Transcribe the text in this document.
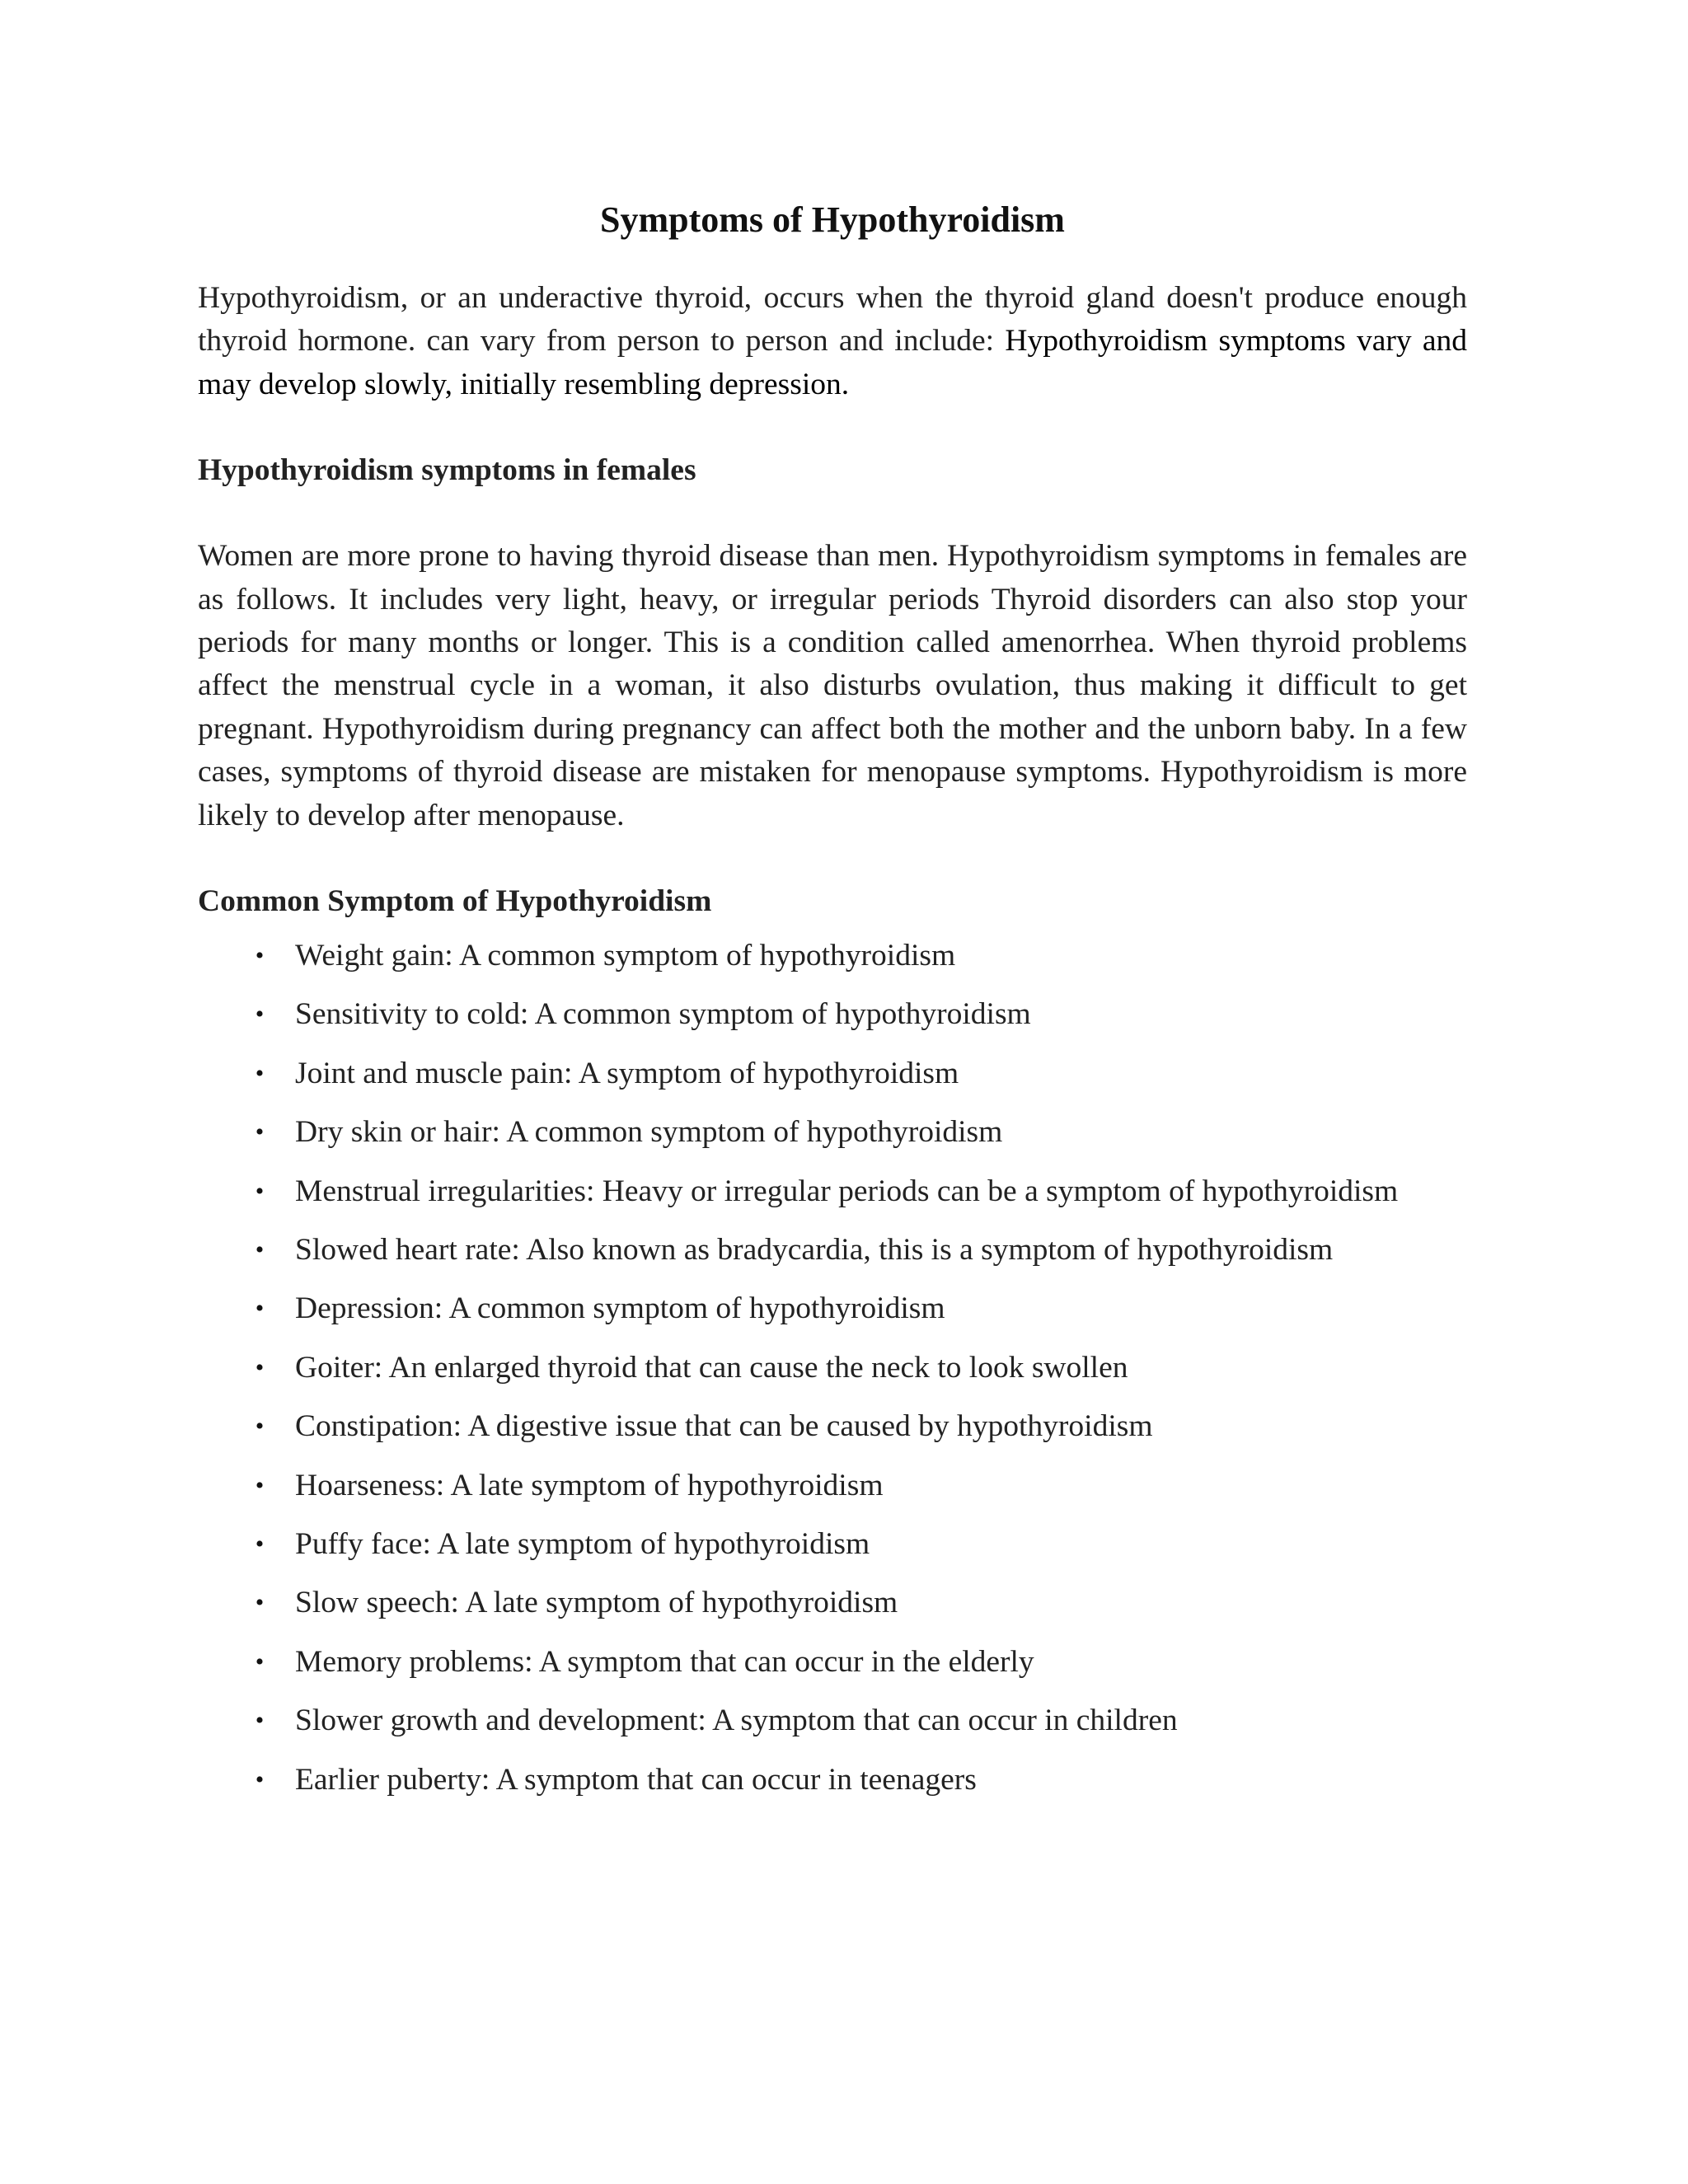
Symptoms of Hypothyroidism

Hypothyroidism, or an underactive thyroid, occurs when the thyroid gland doesn't produce enough thyroid hormone. can vary from person to person and include: Hypothyroidism symptoms vary and may develop slowly, initially resembling depression.

Hypothyroidism symptoms in females

Women are more prone to having thyroid disease than men. Hypothyroidism symptoms in females are as follows. It includes very light, heavy, or irregular periods Thyroid disorders can also stop your periods for many months or longer. This is a condition called amenorrhea. When thyroid problems affect the menstrual cycle in a woman, it also disturbs ovulation, thus making it difficult to get pregnant. Hypothyroidism during pregnancy can affect both the mother and the unborn baby. In a few cases, symptoms of thyroid disease are mistaken for menopause symptoms. Hypothyroidism is more likely to develop after menopause.

Common Symptom of Hypothyroidism
• Weight gain: A common symptom of hypothyroidism
• Sensitivity to cold: A common symptom of hypothyroidism
• Joint and muscle pain: A symptom of hypothyroidism
• Dry skin or hair: A common symptom of hypothyroidism
• Menstrual irregularities: Heavy or irregular periods can be a symptom of hypothyroidism
• Slowed heart rate: Also known as bradycardia, this is a symptom of hypothyroidism
• Depression: A common symptom of hypothyroidism
• Goiter: An enlarged thyroid that can cause the neck to look swollen
• Constipation: A digestive issue that can be caused by hypothyroidism
• Hoarseness: A late symptom of hypothyroidism
• Puffy face: A late symptom of hypothyroidism
• Slow speech: A late symptom of hypothyroidism
• Memory problems: A symptom that can occur in the elderly
• Slower growth and development: A symptom that can occur in children
• Earlier puberty: A symptom that can occur in teenagers
